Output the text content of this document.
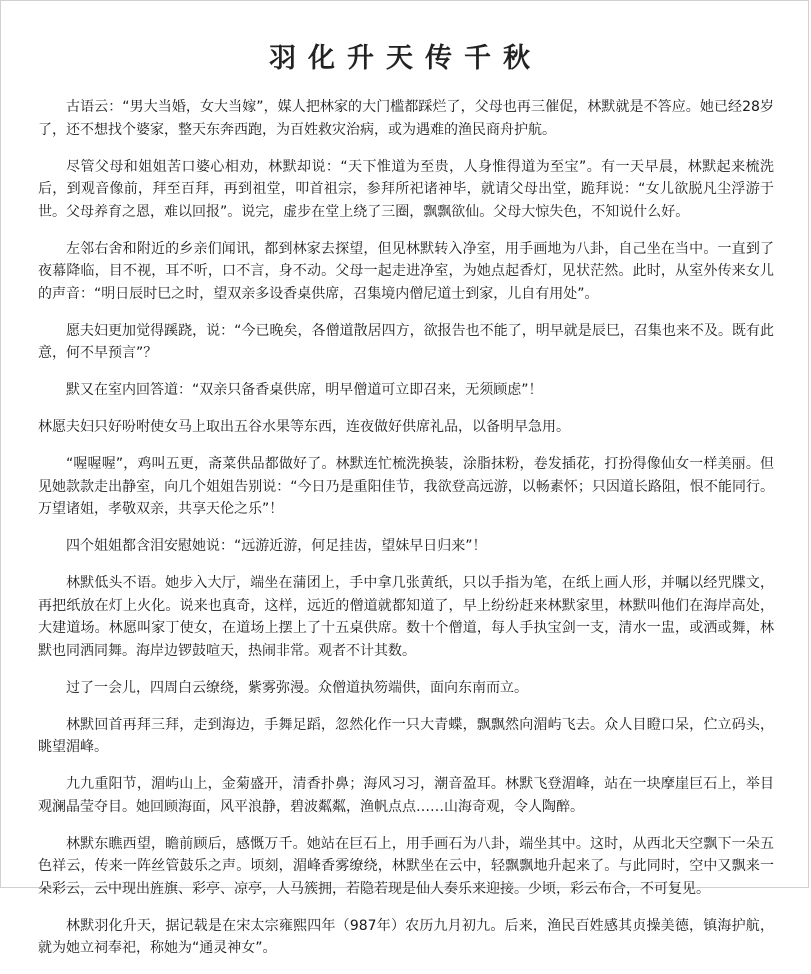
羽化升天传千秋

古语云：“男大当婚，女大当嫁”，媒人把林家的大门槛都踩烂了，父母也再三催促，林默就是不答应。她已经28岁了，还不想找个婆家，整天东奔西跑，为百姓救灾治病，或为遇难的渔民商舟护航。

尽管父母和姐姐苦口婆心相劝，林默却说：“天下惟道为至贵，人身惟得道为至宝”。有一天早晨，林默起来梳洗后，到观音像前，拜至百拜，再到祖堂，叩首祖宗，参拜所祀诸神毕，就请父母出堂，跪拜说：“女儿欲脱凡尘浮游于世。父母养育之恩，难以回报”。说完，虚步在堂上绕了三圈，飘飘欲仙。父母大惊失色，不知说什么好。

左邻右舍和附近的乡亲们闻讯，都到林家去探望，但见林默转入净室，用手画地为八卦，自己坐在当中。一直到了夜幕降临，目不视，耳不听，口不言，身不动。父母一起走进净室，为她点起香灯，见状茫然。此时，从室外传来女儿的声音：“明日辰时巳之时，望双亲多设香桌供席，召集境内僧尼道士到家，儿自有用处”。

愿夫妇更加觉得蹊跷，说：“今已晚矣，各僧道散居四方，欲报告也不能了，明早就是辰巳，召集也来不及。既有此意，何不早预言”？

默又在室内回答道：“双亲只备香桌供席，明早僧道可立即召来，无须顾虑”！

林愿夫妇只好吩咐使女马上取出五谷水果等东西，连夜做好供席礼品，以备明早急用。

“喔喔喔”，鸡叫五更，斋菜供品都做好了。林默连忙梳洗换装，涂脂抹粉，卷发插花，打扮得像仙女一样美丽。但见她款款走出静室，向几个姐姐告别说：“今日乃是重阳佳节，我欲登高远游，以畅素怀；只因道长路阻，恨不能同行。万望诸姐，孝敬双亲，共享天伦之乐”！

四个姐姐都含泪安慰她说：“远游近游，何足挂齿，望妹早日归来”！

林默低头不语。她步入大厅，端坐在蒲团上，手中拿几张黄纸，只以手指为笔，在纸上画人形，并嘱以经咒牒文，再把纸放在灯上火化。说来也真奇，这样，远近的僧道就都知道了，早上纷纷赶来林默家里，林默叫他们在海岸高处，大建道场。林愿叫家丁使女，在道场上摆上了十五桌供席。数十个僧道，每人手执宝剑一支，清水一盅，或洒或舞，林默也同洒同舞。海岸边锣鼓喧天，热闹非常。观者不计其数。

过了一会儿，四周白云缭绕，紫雾弥漫。众僧道执笏端供，面向东南而立。

林默回首再拜三拜，走到海边，手舞足蹈，忽然化作一只大青蝶，飘飘然向湄屿飞去。众人目瞪口呆，伫立码头，眺望湄峰。

九九重阳节，湄屿山上，金菊盛开，清香扑鼻；海风习习，潮音盈耳。林默飞登湄峰，站在一块摩崖巨石上，举目观澜晶莹夺目。她回顾海面，风平浪静，碧波粼粼，渔帆点点……山海奇观，令人陶醉。

林默东瞧西望，瞻前顾后，感慨万千。她站在巨石上，用手画石为八卦，端坐其中。这时，从西北天空飘下一朵五色祥云，传来一阵丝管鼓乐之声。顷刻，湄峰香雾缭绕，林默坐在云中，轻飘飘地升起来了。与此同时，空中又飘来一朵彩云，云中现出旌旗、彩亭、凉亭，人马簇拥，若隐若现是仙人奏乐来迎接。少顷，彩云布合，不可复见。

林默羽化升天，据记载是在宋太宗雍熙四年（987年）农历九月初九。后来，渔民百姓感其贞操美德，镇海护航，就为她立祠奉祀，称她为“通灵神女”。
